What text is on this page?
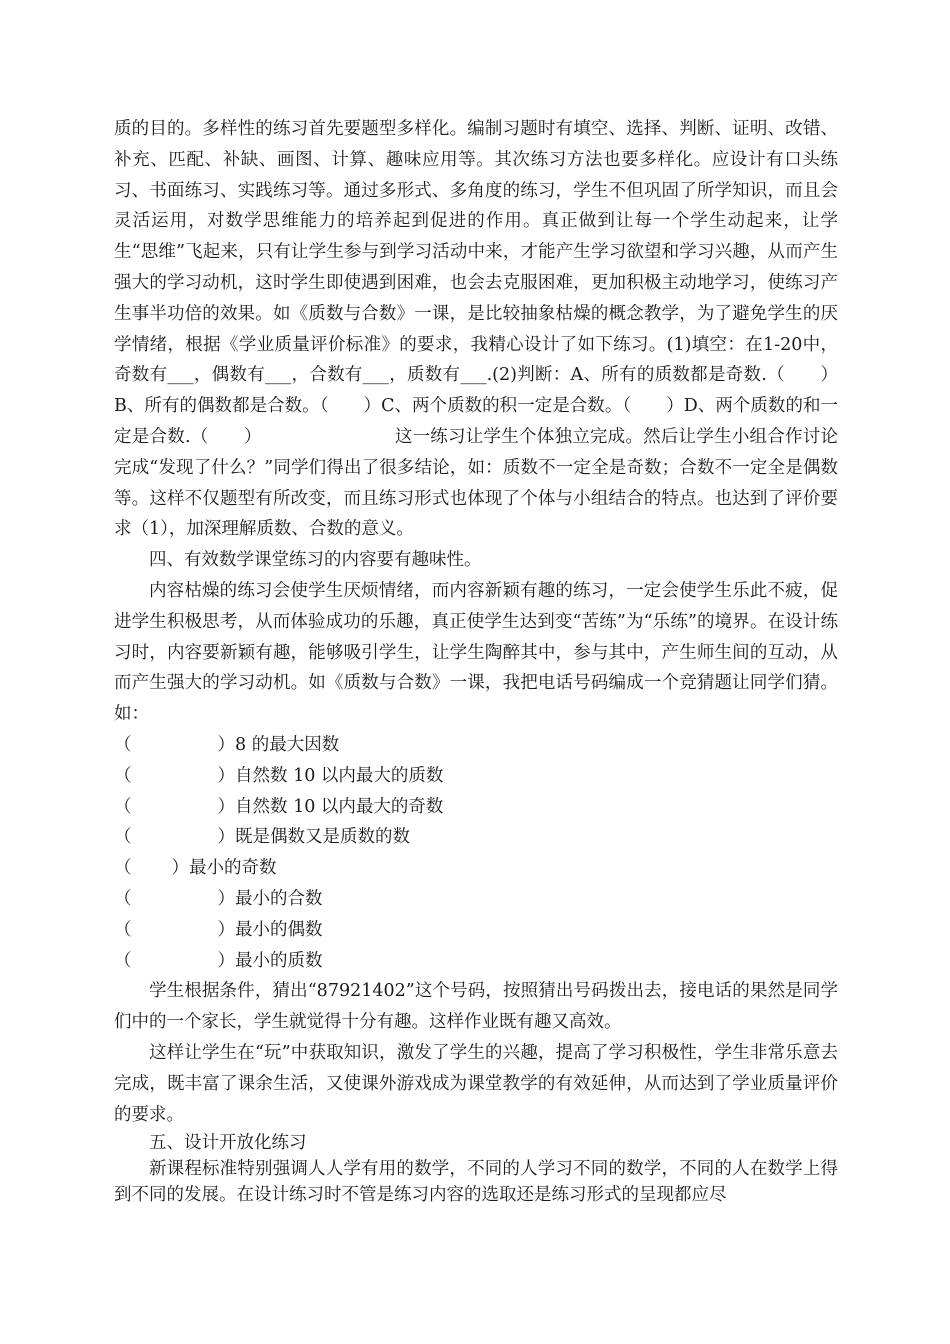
质的目的。多样性的练习首先要题型多样化。编制习题时有填空、选择、判断、证明、改错、补充、匹配、补缺、画图、计算、趣味应用等。其次练习方法也要多样化。应设计有口头练习、书面练习、实践练习等。通过多形式、多角度的练习，学生不但巩固了所学知识，而且会灵活运用，对数学思维能力的培养起到促进的作用。真正做到让每一个学生动起来，让学生“思维”飞起来，只有让学生参与到学习活动中来，才能产生学习欲望和学习兴趣，从而产生强大的学习动机，这时学生即使遇到困难，也会去克服困难，更加积极主动地学习，使练习产生事半功倍的效果。如《质数与合数》一课，是比较抽象枯燥的概念教学，为了避免学生的厌学情绪，根据《学业质量评价标准》的要求，我精心设计了如下练习。(1)填空：在1-20中，奇数有___，偶数有___，合数有___，质数有___.(2)判断：A、所有的质数都是奇数.（　　）B、所有的偶数都是合数。（　　）C、两个质数的积一定是合数。（　　）D、两个质数的和一定是合数.（　　）　　　　　　　　这一练习让学生个体独立完成。然后让学生小组合作讨论完成“发现了什么？”同学们得出了很多结论，如：质数不一定全是奇数；合数不一定全是偶数等。这样不仅题型有所改变，而且练习形式也体现了个体与小组结合的特点。也达到了评价要求（1），加深理解质数、合数的意义。

四、有效数学课堂练习的内容要有趣味性。

内容枯燥的练习会使学生厌烦情绪，而内容新颖有趣的练习，一定会使学生乐此不疲，促进学生积极思考，从而体验成功的乐趣，真正使学生达到变“苦练”为“乐练”的境界。在设计练习时，内容要新颖有趣，能够吸引学生，让学生陶醉其中，参与其中，产生师生间的互动，从而产生强大的学习动机。如《质数与合数》一课，我把电话号码编成一个竞猜题让同学们猜。如：

（	）8 的最大因数
（	）自然数 10 以内最大的质数
（	）自然数 10 以内最大的奇数
（	）既是偶数又是质数的数
（ ）最小的奇数
（	）最小的合数
（	）最小的偶数
（	）最小的质数

学生根据条件，猜出“87921402”这个号码，按照猜出号码拨出去，接电话的果然是同学们中的一个家长，学生就觉得十分有趣。这样作业既有趣又高效。

这样让学生在“玩”中获取知识，激发了学生的兴趣，提高了学习积极性，学生非常乐意去完成，既丰富了课余生活，又使课外游戏成为课堂教学的有效延伸，从而达到了学业质量评价的要求。

五、设计开放化练习

新课程标准特别强调人人学有用的数学，不同的人学习不同的数学，不同的人在数学上得到不同的发展。在设计练习时不管是练习内容的选取还是练习形式的呈现都应尽
